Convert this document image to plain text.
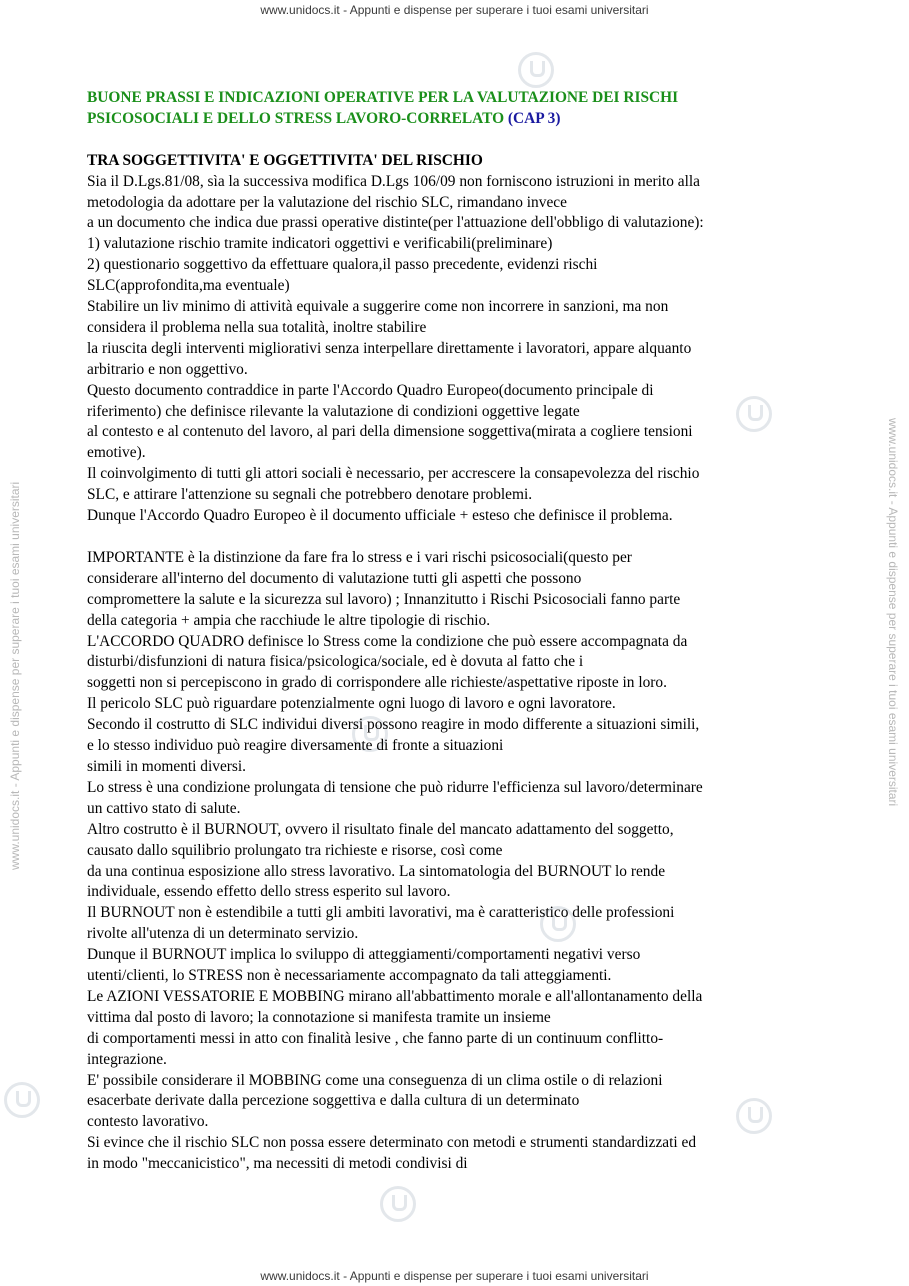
www.unidocs.it - Appunti e dispense per superare i tuoi esami universitari
www.unidocs.it - Appunti e dispense per superare i tuoi esami universitari	www.unidocs.it - Appunti e dispense per superare i tuoi esami universitari

BUONE PRASSI E INDICAZIONI OPERATIVE PER LA VALUTAZIONE DEI RISCHI
PSICOSOCIALI E DELLO STRESS LAVORO-CORRELATO (CAP 3)

TRA SOGGETTIVITA' E OGGETTIVITA' DEL RISCHIO

Sia il D.Lgs.81/08, sìa la successiva modifica D.Lgs 106/09 non forniscono istruzioni in merito alla
metodologia da adottare per la valutazione del rischio SLC, rimandano invece
a un documento che indica due prassi operative distinte(per l'attuazione dell'obbligo di valutazione):
1) valutazione rischio tramite indicatori oggettivi e verificabili(preliminare)
2) questionario soggettivo da effettuare qualora,il passo precedente, evidenzi rischi
SLC(approfondita,ma eventuale)
Stabilire un liv minimo di attività equivale a suggerire come non incorrere in sanzioni, ma non
considera il problema nella sua totalità, inoltre stabilire
la riuscita degli interventi migliorativi senza interpellare direttamente i lavoratori, appare alquanto
arbitrario e non oggettivo.
Questo documento contraddice in parte l'Accordo Quadro Europeo(documento principale di
riferimento) che definisce rilevante la valutazione di condizioni oggettive legate
al contesto e al contenuto del lavoro, al pari della dimensione soggettiva(mirata a cogliere tensioni
emotive).
Il coinvolgimento di tutti gli attori sociali è necessario, per accrescere la consapevolezza del rischio
SLC, e attirare l'attenzione su segnali che potrebbero denotare problemi.
Dunque l'Accordo Quadro Europeo è il documento ufficiale + esteso che definisce il problema.

IMPORTANTE è la distinzione da fare fra lo stress e i vari rischi psicosociali(questo per
considerare all'interno del documento di valutazione tutti gli aspetti che possono
compromettere la salute e la sicurezza sul lavoro) ; Innanzitutto i Rischi Psicosociali fanno parte
della categoria + ampia che racchiude le altre tipologie di rischio.
L'ACCORDO QUADRO definisce lo Stress come la condizione che può essere accompagnata da
disturbi/disfunzioni di natura fisica/psicologica/sociale, ed è dovuta al fatto che i
soggetti non si percepiscono in grado di corrispondere alle richieste/aspettative riposte in loro.
Il pericolo SLC può riguardare potenzialmente ogni luogo di lavoro e ogni lavoratore.
Secondo il costrutto di SLC individui diversi possono reagire in modo differente a situazioni simili,
e lo stesso individuo può reagire diversamente di fronte a situazioni
simili in momenti diversi.
Lo stress è una condizione prolungata di tensione che può ridurre l'efficienza sul lavoro/determinare
un cattivo stato di salute.
Altro costrutto è il BURNOUT, ovvero il risultato finale del mancato adattamento del soggetto,
causato dallo squilibrio prolungato tra richieste e risorse, così come
da una continua esposizione allo stress lavorativo. La sintomatologia del BURNOUT lo rende
individuale, essendo effetto dello stress esperito sul lavoro.
Il BURNOUT non è estendibile a tutti gli ambiti lavorativi, ma è caratteristico delle professioni
rivolte all'utenza di un determinato servizio.
Dunque il BURNOUT implica lo sviluppo di atteggiamenti/comportamenti negativi verso
utenti/clienti, lo STRESS non è necessariamente accompagnato da tali atteggiamenti.
Le AZIONI VESSATORIE E MOBBING mirano all'abbattimento morale e all'allontanamento della
vittima dal posto di lavoro; la connotazione si manifesta tramite un insieme
di comportamenti messi in atto con finalità lesive , che fanno parte di un continuum conflitto-
integrazione.
E' possibile considerare il MOBBING come una conseguenza di un clima ostile o di relazioni
esacerbate derivate dalla percezione soggettiva e dalla cultura di un determinato
contesto lavorativo.
Si evince che il rischio SLC non possa essere determinato con metodi e strumenti standardizzati ed
in modo "meccanicistico", ma necessiti di metodi condivisi di

www.unidocs.it - Appunti e dispense per superare i tuoi esami universitari
